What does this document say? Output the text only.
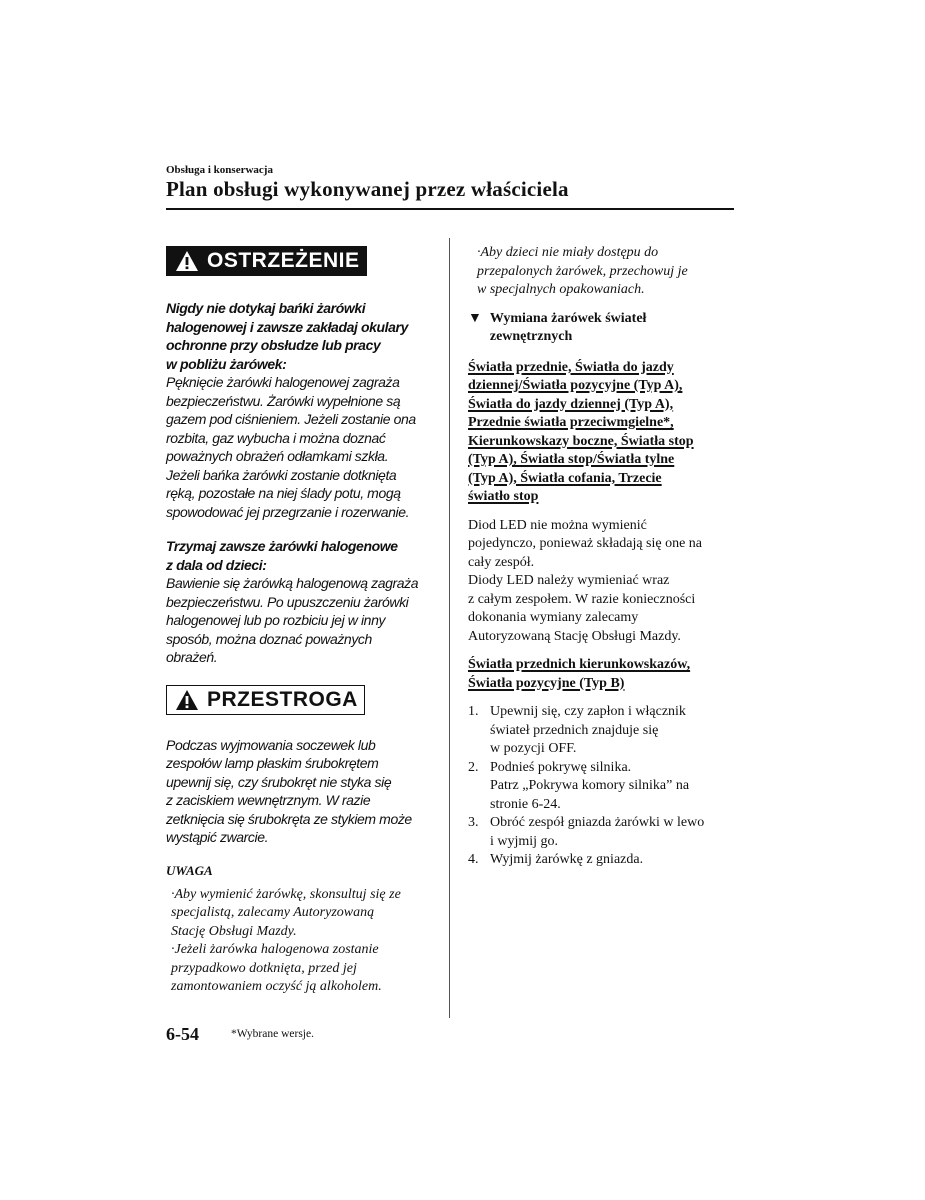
Obsługa i konserwacja
Plan obsługi wykonywanej przez właściciela
OSTRZEŻENIE
Nigdy nie dotykaj bańki żarówki
halogenowej i zawsze zakładaj okulary
ochronne przy obsłudze lub pracy
w pobliżu żarówek:
Pęknięcie żarówki halogenowej zagraża
bezpieczeństwu. Żarówki wypełnione są
gazem pod ciśnieniem. Jeżeli zostanie ona
rozbita, gaz wybucha i można doznać
poważnych obrażeń odłamkami szkła.
Jeżeli bańka żarówki zostanie dotknięta
ręką, pozostałe na niej ślady potu, mogą
spowodować jej przegrzanie i rozerwanie.
Trzymaj zawsze żarówki halogenowe
z dala od dzieci:
Bawienie się żarówką halogenową zagraża
bezpieczeństwu. Po upuszczeniu żarówki
halogenowej lub po rozbiciu jej w inny
sposób, można doznać poważnych
obrażeń.
PRZESTROGA
Podczas wyjmowania soczewek lub
zespołów lamp płaskim śrubokrętem
upewnij się, czy śrubokręt nie styka się
z zaciskiem wewnętrznym. W razie
zetknięcia się śrubokręta ze stykiem może
wystąpić zwarcie.
UWAGA
·Aby wymienić żarówkę, skonsultuj się ze
specjalistą, zalecamy Autoryzowaną
Stację Obsługi Mazdy.
·Jeżeli żarówka halogenowa zostanie
przypadkowo dotknięta, przed jej
zamontowaniem oczyść ją alkoholem.
·Aby dzieci nie miały dostępu do
przepalonych żarówek, przechowuj je
w specjalnych opakowaniach.
▼ Wymiana żarówek świateł
zewnętrznych
Światła przednie, Światła do jazdy
dziennej/Światła pozycyjne (Typ A),
Światła do jazdy dziennej (Typ A),
Przednie światła przeciwmgielne*,
Kierunkowskazy boczne, Światła stop
(Typ A), Światła stop/Światła tylne
(Typ A), Światła cofania, Trzecie
światło stop
Diod LED nie można wymienić
pojedynczo, ponieważ składają się one na
cały zespół.
Diody LED należy wymieniać wraz
z całym zespołem. W razie konieczności
dokonania wymiany zalecamy
Autoryzowaną Stację Obsługi Mazdy.
Światła przednich kierunkowskazów,
Światła pozycyjne (Typ B)
1. Upewnij się, czy zapłon i włącznik
świateł przednich znajduje się
w pozycji OFF.
2. Podnieś pokrywę silnika.
Patrz „Pokrywa komory silnika” na
stronie 6-24.
3. Obróć zespół gniazda żarówki w lewo
i wyjmij go.
4. Wyjmij żarówkę z gniazda.
6-54	*Wybrane wersje.
